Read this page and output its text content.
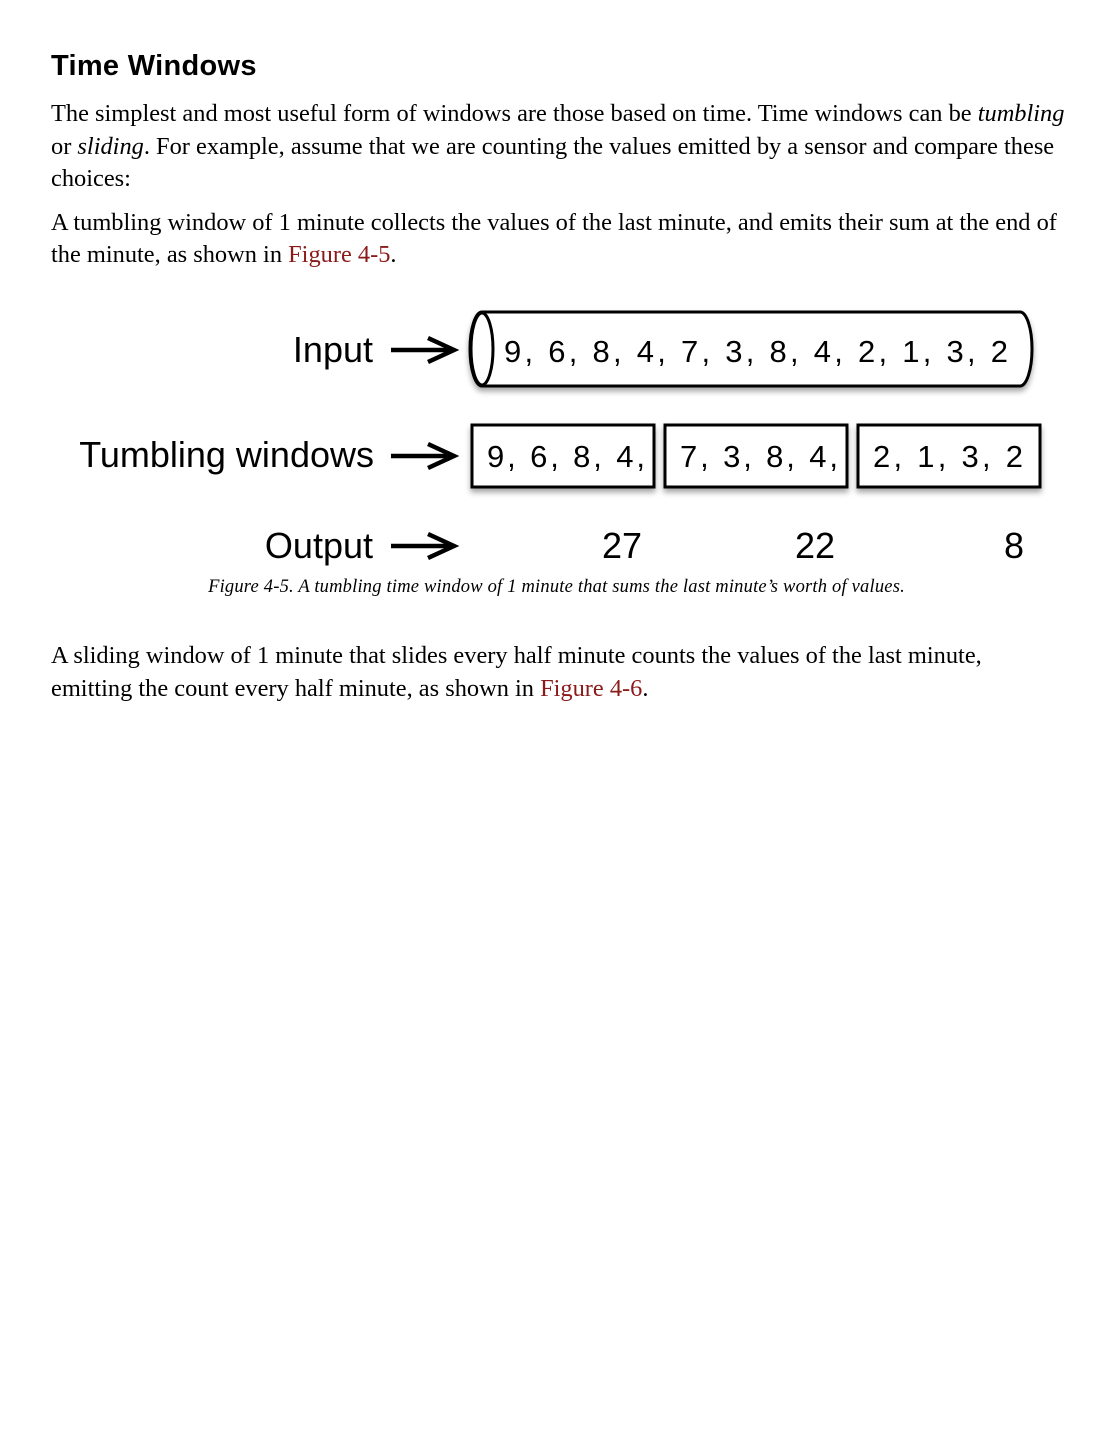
Time Windows

The simplest and most useful form of windows are those based on time. Time windows can be tumbling or sliding. For example, assume that we are counting the values emitted by a sensor and compare these choices:

A tumbling window of 1 minute collects the values of the last minute, and emits their sum at the end of the minute, as shown in Figure 4-5.

Input	9, 6, 8, 4, 7, 3, 8, 4, 2, 1, 3, 2
Tumbling windows	9, 6, 8, 4, 7, 3, 8, 4, 2, 1, 3, 2
Output	27	22	8
Figure 4-5. A tumbling time window of 1 minute that sums the last minute’s worth of values.

A sliding window of 1 minute that slides every half minute counts the values of the last minute, emitting the count every half minute, as shown in Figure 4-6.
